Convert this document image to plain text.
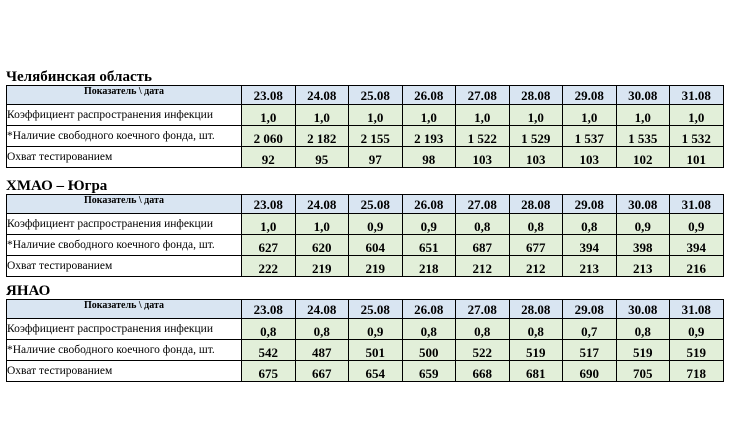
Челябинская область
Показатель \ дата	23.08	24.08	25.08	26.08	27.08	28.08	29.08	30.08	31.08
Коэффициент распространения инфекции	1,0	1,0	1,0	1,0	1,0	1,0	1,0	1,0	1,0
*Наличие свободного коечного фонда, шт.	2 060	2 182	2 155	2 193	1 522	1 529	1 537	1 535	1 532
Охват тестированием	92	95	97	98	103	103	103	102	101
ХМАО – Югра
Показатель \ дата	23.08	24.08	25.08	26.08	27.08	28.08	29.08	30.08	31.08
Коэффициент распространения инфекции	1,0	1,0	0,9	0,9	0,8	0,8	0,8	0,9	0,9
*Наличие свободного коечного фонда, шт.	627	620	604	651	687	677	394	398	394
Охват тестированием	222	219	219	218	212	212	213	213	216
ЯНАО
Показатель \ дата	23.08	24.08	25.08	26.08	27.08	28.08	29.08	30.08	31.08
Коэффициент распространения инфекции	0,8	0,8	0,9	0,8	0,8	0,8	0,7	0,8	0,9
*Наличие свободного коечного фонда, шт.	542	487	501	500	522	519	517	519	519
Охват тестированием	675	667	654	659	668	681	690	705	718
